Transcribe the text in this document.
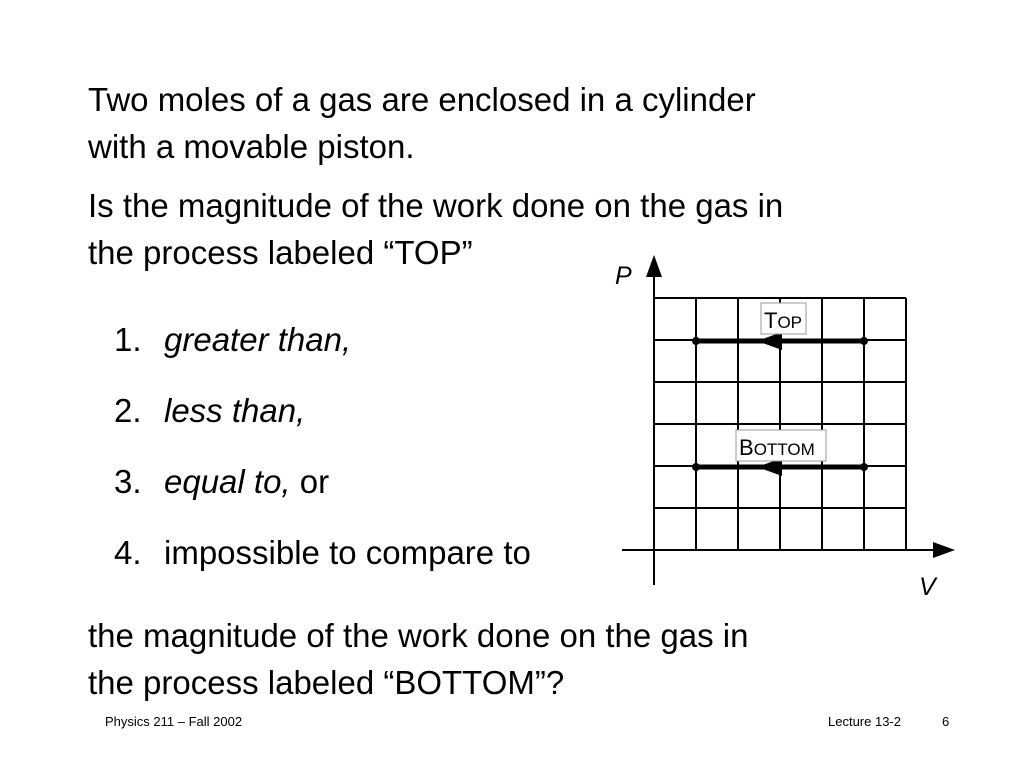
Two moles of a gas are enclosed in a cylinder
with a movable piston.

Is the magnitude of the work done on the gas in
the process labeled “TOP”

1. greater than,
2. less than,
3. equal to, or
4. impossible to compare to
P
V
TOP
BOTTOM

the magnitude of the work done on the gas in
the process labeled “BOTTOM”?

Physics 211 – Fall 2002	Lecture 13-2	6
